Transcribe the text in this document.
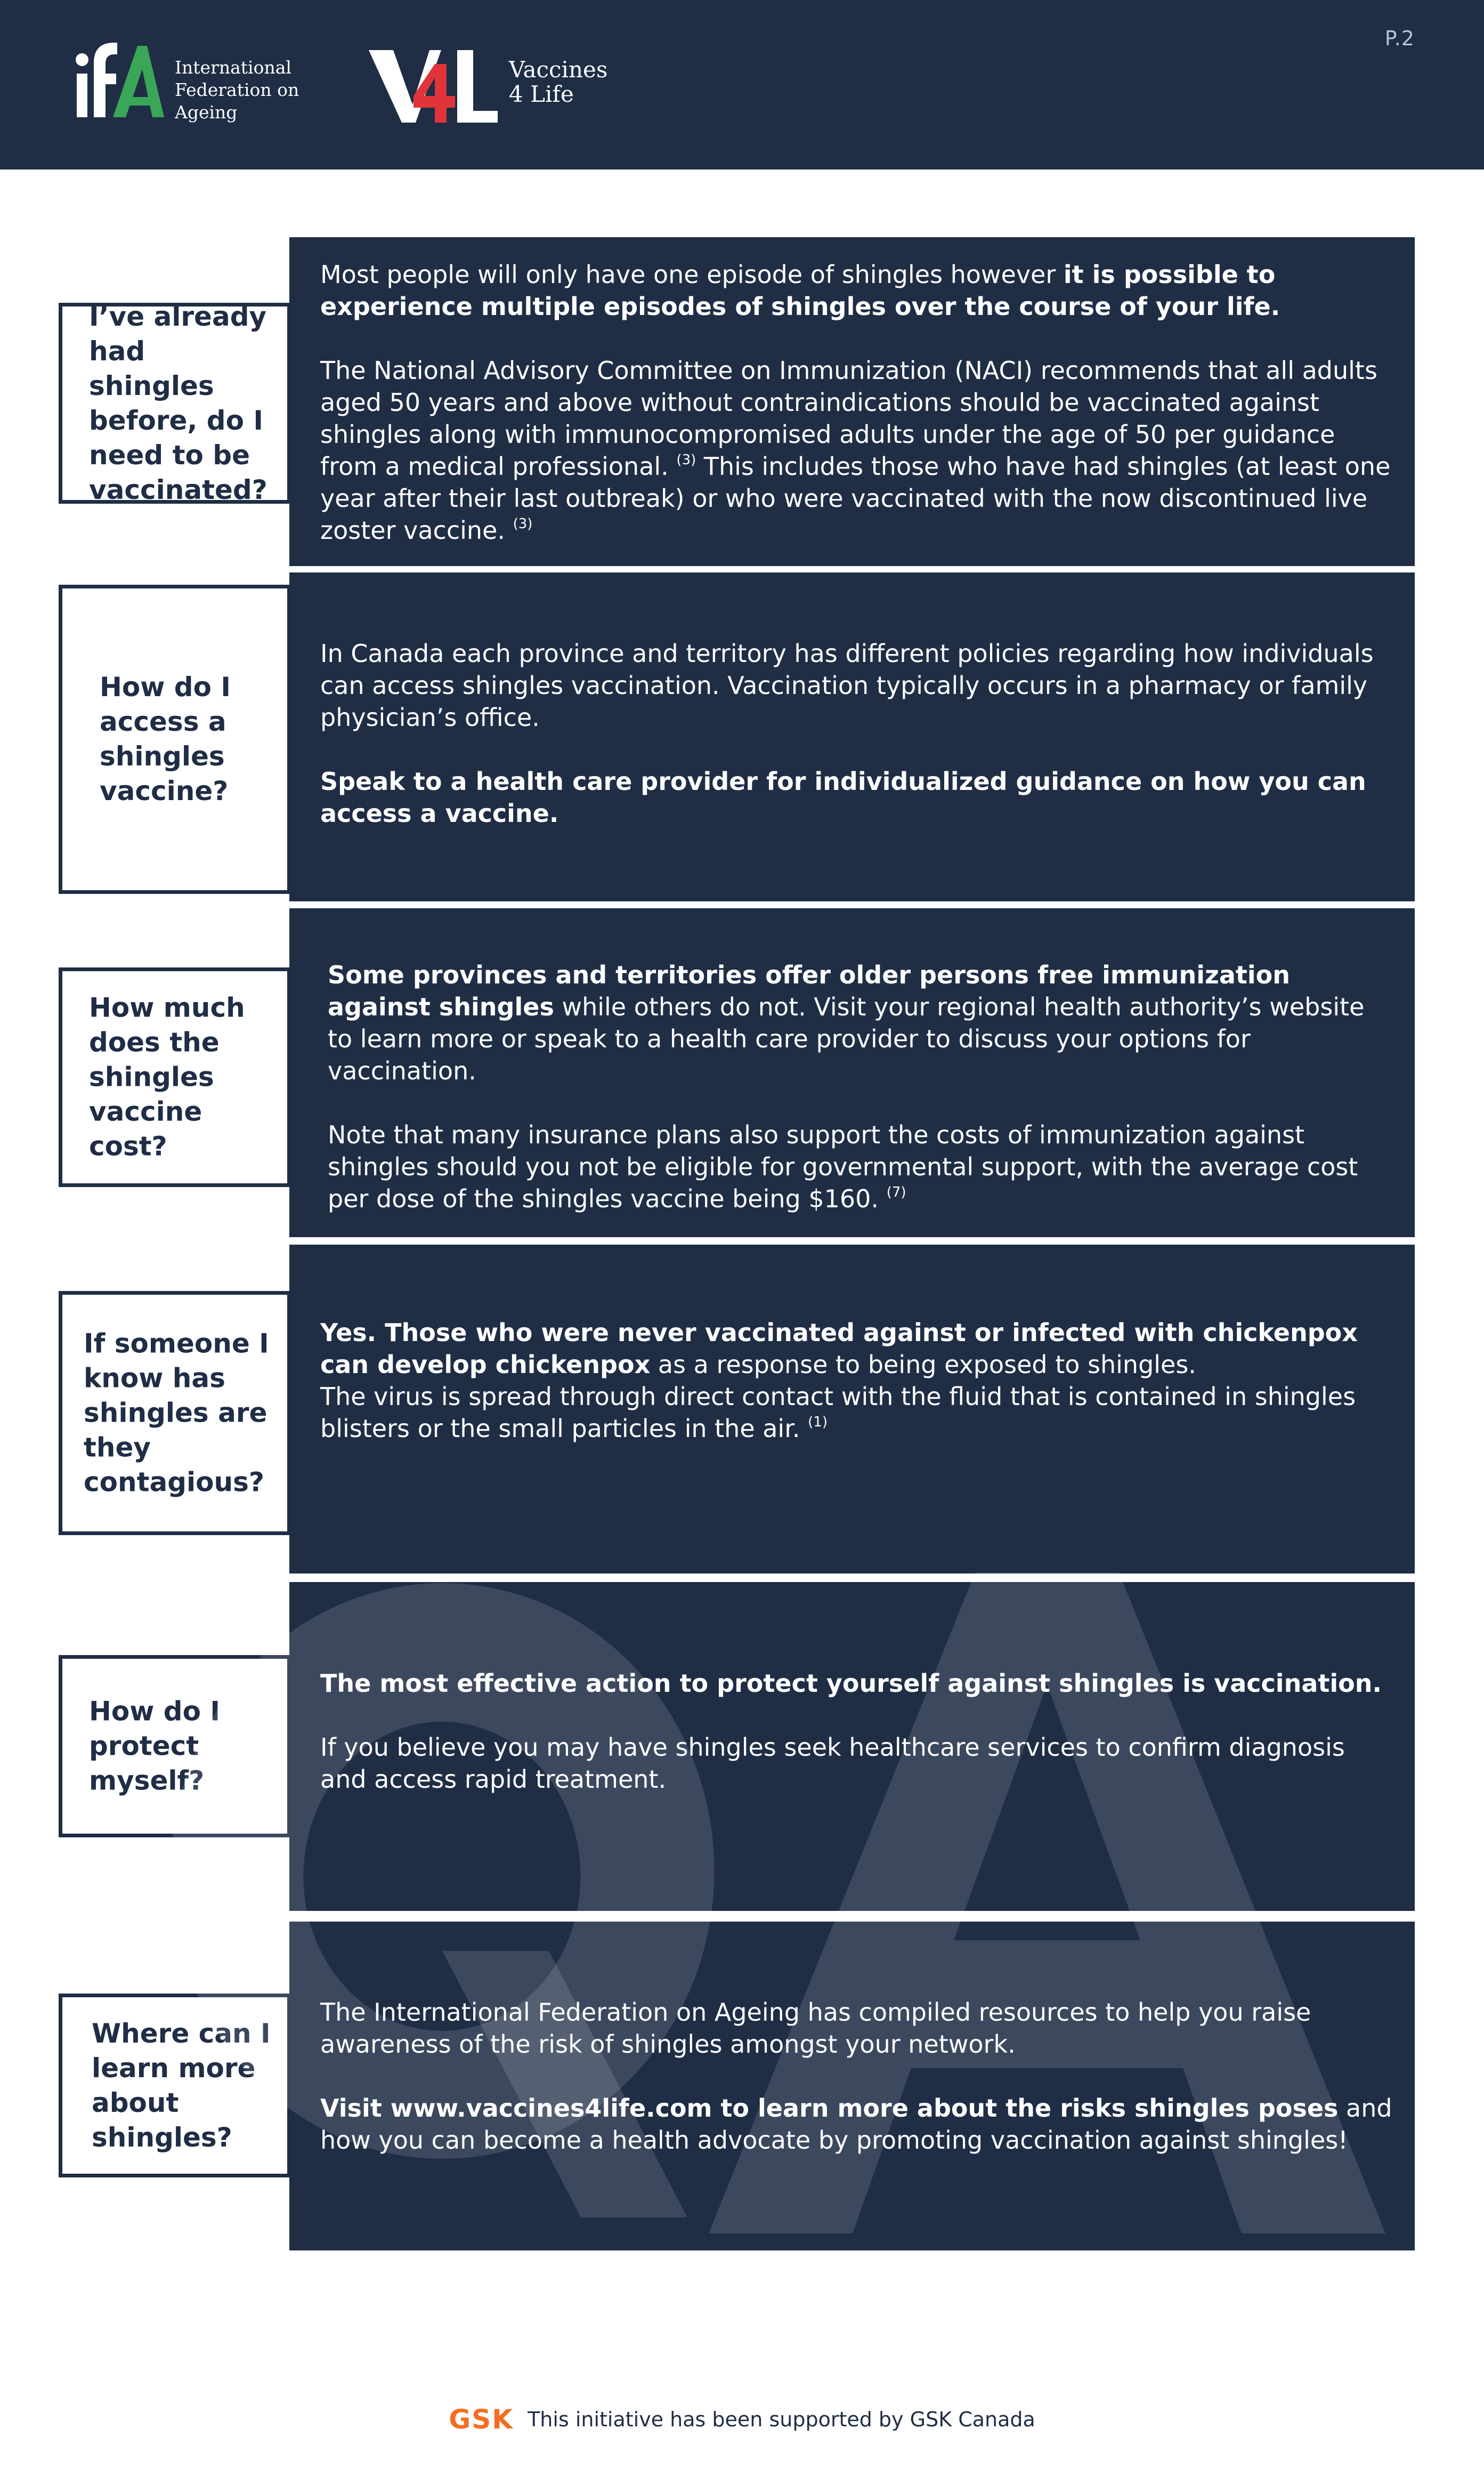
International
Federation on
Ageing
Vaccines
4 Life
P.2

Most people will only have one episode of shingles however it is possible to experience multiple episodes of shingles over the course of your life.

The National Advisory Committee on Immunization (NACI) recommends that all adults aged 50 years and above without contraindications should be vaccinated against shingles along with immunocompromised adults under the age of 50 per guidance from a medical professional. $^{(3)}$ This includes those who have had shingles (at least one year after their last outbreak) or who were vaccinated with the now discontinued live zoster vaccine. $^{(3)}$

I’ve already
had shingles
before, do I
need to be
vaccinated?

In Canada each province and territory has different policies regarding how individuals can access shingles vaccination. Vaccination typically occurs in a pharmacy or family physician’s office.

Speak to a health care provider for individualized guidance on how you can access a vaccine.

How do I
access a
shingles
vaccine?

Some provinces and territories offer older persons free immunization against shingles while others do not. Visit your regional health authority’s website to learn more or speak to a health care provider to discuss your options for vaccination.

Note that many insurance plans also support the costs of immunization against shingles should you not be eligible for governmental support, with the average cost per dose of the shingles vaccine being $160. $^{(7)}$

How much
does the
shingles
vaccine cost?

Yes. Those who were never vaccinated against or infected with chickenpox can develop chickenpox as a response to being exposed to shingles.

The virus is spread through direct contact with the fluid that is contained in shingles blisters or the small particles in the air. $^{(1)}$

If someone I
know has
shingles are
they
contagious?

The most effective action to protect yourself against shingles is vaccination.

If you believe you may have shingles seek healthcare services to confirm diagnosis and access rapid treatment.

How do I
protect
myself?

The International Federation on Ageing has compiled resources to help you raise awareness of the risk of shingles amongst your network.

Visit www.vaccines4life.com to learn more about the risks shingles poses and how you can become a health advocate by promoting vaccination against shingles!

Where can I
learn more
about
shingles?
GSK This initiative has been supported by GSK Canada
